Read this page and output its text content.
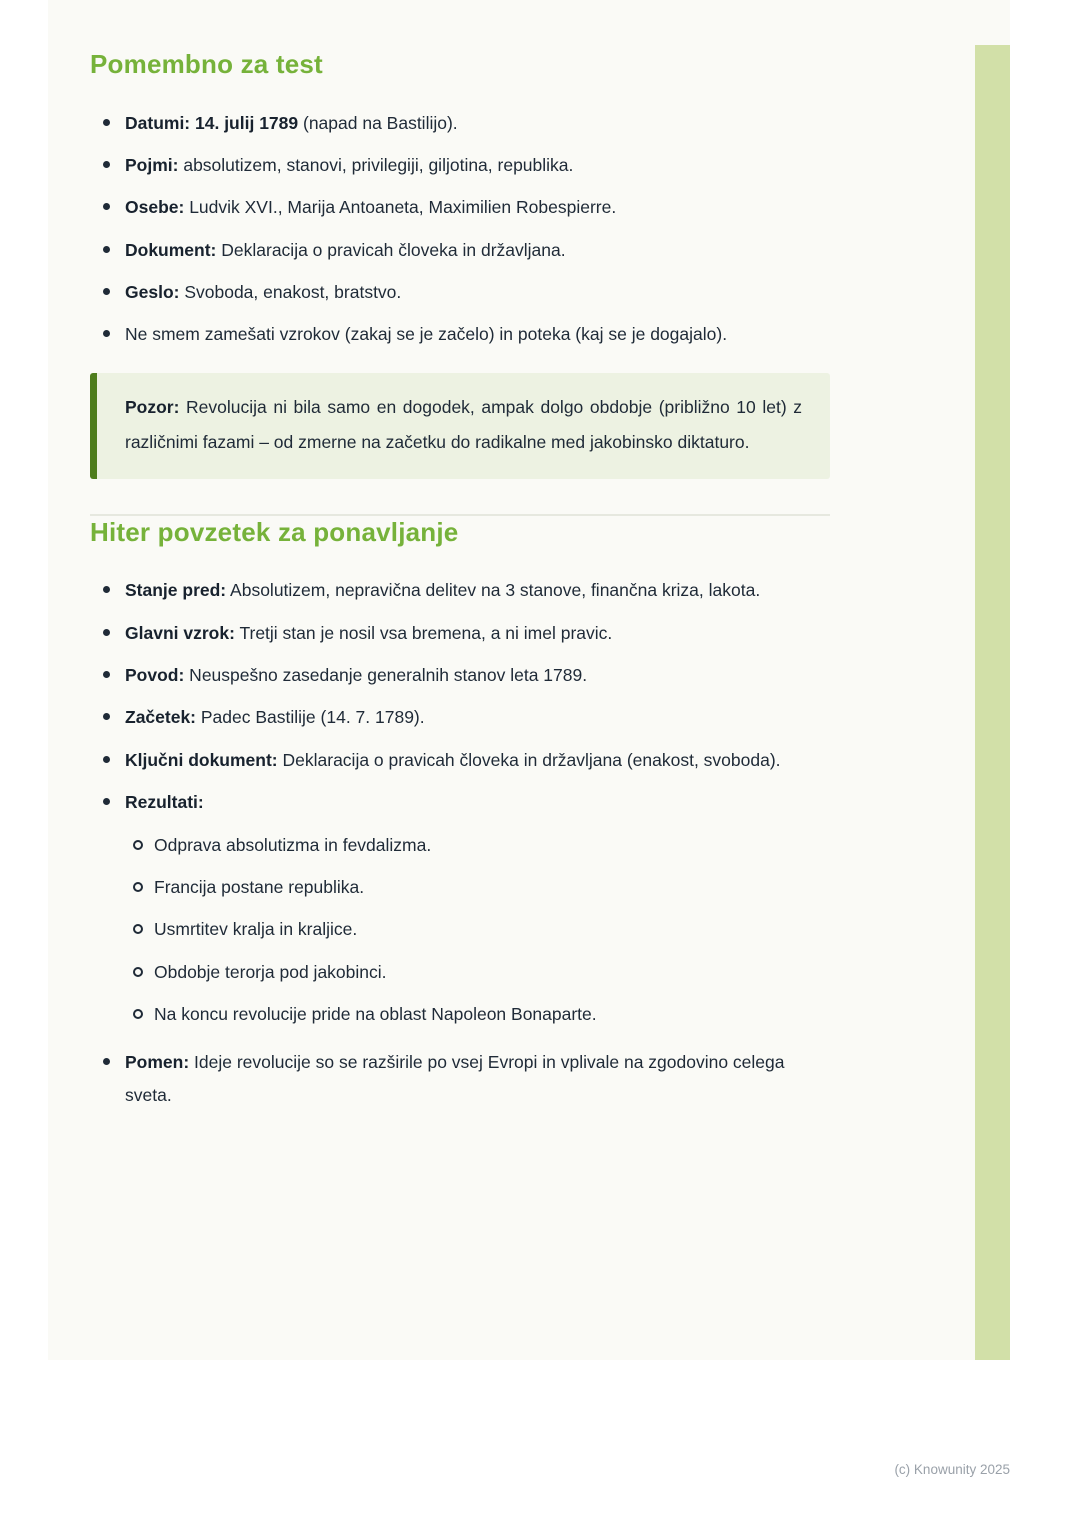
Pomembno za test

Datumi: 14. julij 1789 (napad na Bastilijo).

Pojmi: absolutizem, stanovi, privilegiji, giljotina, republika.

Osebe: Ludvik XVI., Marija Antoaneta, Maximilien Robespierre.

Dokument: Deklaracija o pravicah človeka in državljana.

Geslo: Svoboda, enakost, bratstvo.

Ne smem zamešati vzrokov (zakaj se je začelo) in poteka (kaj se je dogajalo).

Pozor: Revolucija ni bila samo en dogodek, ampak dolgo obdobje (približno 10 let) z različnimi fazami – od zmerne na začetku do radikalne med jakobinsko diktaturo.

Hiter povzetek za ponavljanje

Stanje pred: Absolutizem, nepravična delitev na 3 stanove, finančna kriza, lakota.

Glavni vzrok: Tretji stan je nosil vsa bremena, a ni imel pravic.

Povod: Neuspešno zasedanje generalnih stanov leta 1789.

Začetek: Padec Bastilije (14. 7. 1789).

Ključni dokument: Deklaracija o pravicah človeka in državljana (enakost, svoboda).

Rezultati:

Odprava absolutizma in fevdalizma.

Francija postane republika.

Usmrtitev kralja in kraljice.

Obdobje terorja pod jakobinci.

Na koncu revolucije pride na oblast Napoleon Bonaparte.

Pomen: Ideje revolucije so se razširile po vsej Evropi in vplivale na zgodovino celega sveta.

(c) Knowunity 2025
